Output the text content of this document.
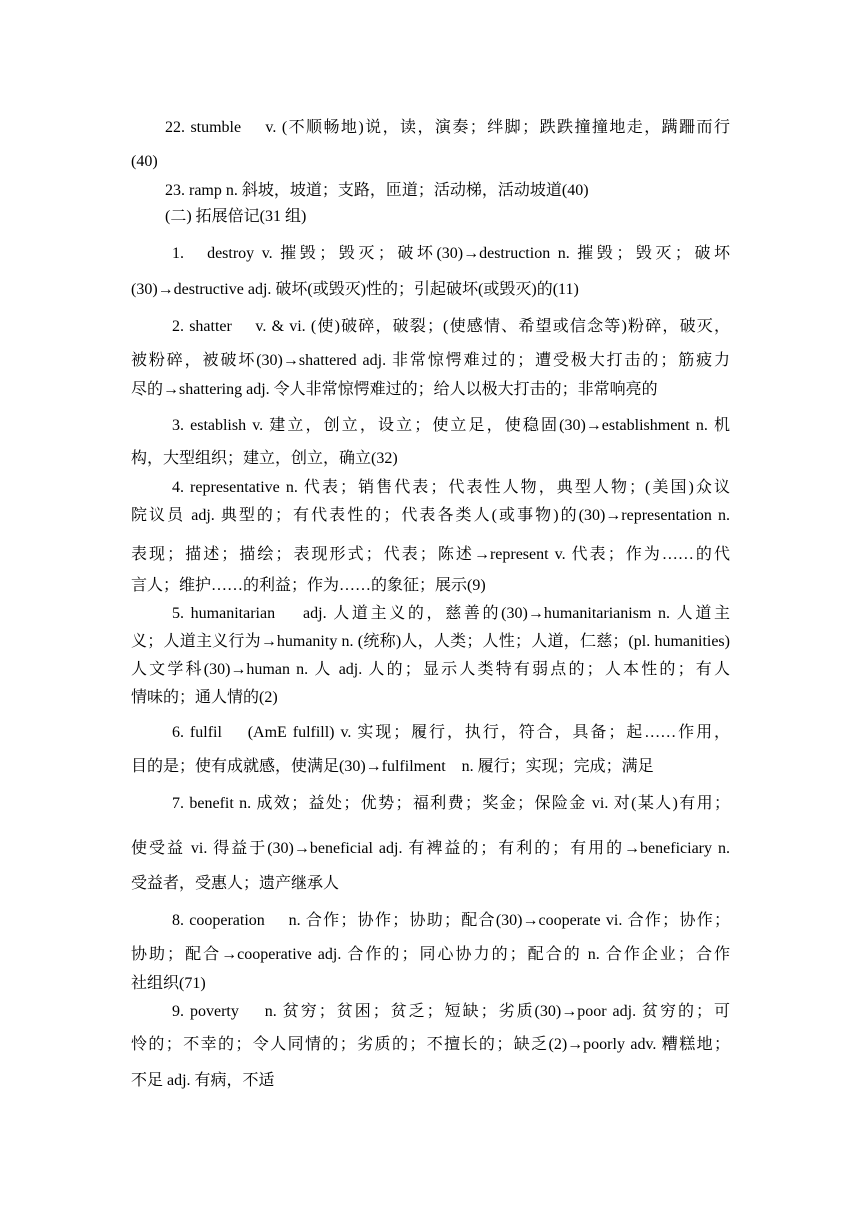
22. stumble　 v. (不顺畅地)说，读，演奏；绊脚；跌跌撞撞地走，蹒跚而行
(40)
23. ramp n. 斜坡，坡道；支路，匝道；活动梯，活动坡道(40)
(二) 拓展倍记(31 组)
1.　destroy v. 摧毁；毁灭；破坏(30)→destruction n. 摧毁；毁灭；破坏
(30)→destructive adj. 破坏(或毁灭)性的；引起破坏(或毁灭)的(11)
2. shatter　 v. & vi. (使)破碎，破裂；(使感情、希望或信念等)粉碎，破灭，
被粉碎，被破坏(30)→shattered adj. 非常惊愕难过的；遭受极大打击的；筋疲力
尽的→shattering adj. 令人非常惊愕难过的；给人以极大打击的；非常响亮的
3. establish v. 建立，创立，设立；使立足，使稳固(30)→establishment n. 机
构，大型组织；建立，创立，确立(32)
4. representative n. 代表；销售代表；代表性人物，典型人物；(美国)众议
院议员 adj. 典型的；有代表性的；代表各类人(或事物)的(30)→representation n.
表现；描述；描绘；表现形式；代表；陈述→represent v. 代表；作为……的代
言人；维护……的利益；作为……的象征；展示(9)
5. humanitarian　 adj. 人道主义的，慈善的(30)→humanitarianism n. 人道主
义；人道主义行为→humanity n. (统称)人，人类；人性；人道，仁慈；(pl. humanities)
人文学科(30)→human n. 人 adj. 人的；显示人类特有弱点的；人本性的；有人
情味的；通人情的(2)
6. fulfil　 (AmE fulfill) v. 实现；履行，执行，符合，具备；起……作用，
目的是；使有成就感，使满足(30)→fulfilment　n. 履行；实现；完成；满足
7. benefit n. 成效；益处；优势；福利费；奖金；保险金 vi. 对(某人)有用；
使受益 vi. 得益于(30)→beneficial adj. 有裨益的；有利的；有用的→beneficiary n.
受益者，受惠人；遗产继承人
8. cooperation　 n. 合作；协作；协助；配合(30)→cooperate vi. 合作；协作；
协助；配合→cooperative adj. 合作的；同心协力的；配合的 n. 合作企业；合作
社组织(71)
9. poverty　 n. 贫穷；贫困；贫乏；短缺；劣质(30)→poor adj. 贫穷的；可
怜的；不幸的；令人同情的；劣质的；不擅长的；缺乏(2)→poorly adv. 糟糕地；
不足 adj. 有病，不适
